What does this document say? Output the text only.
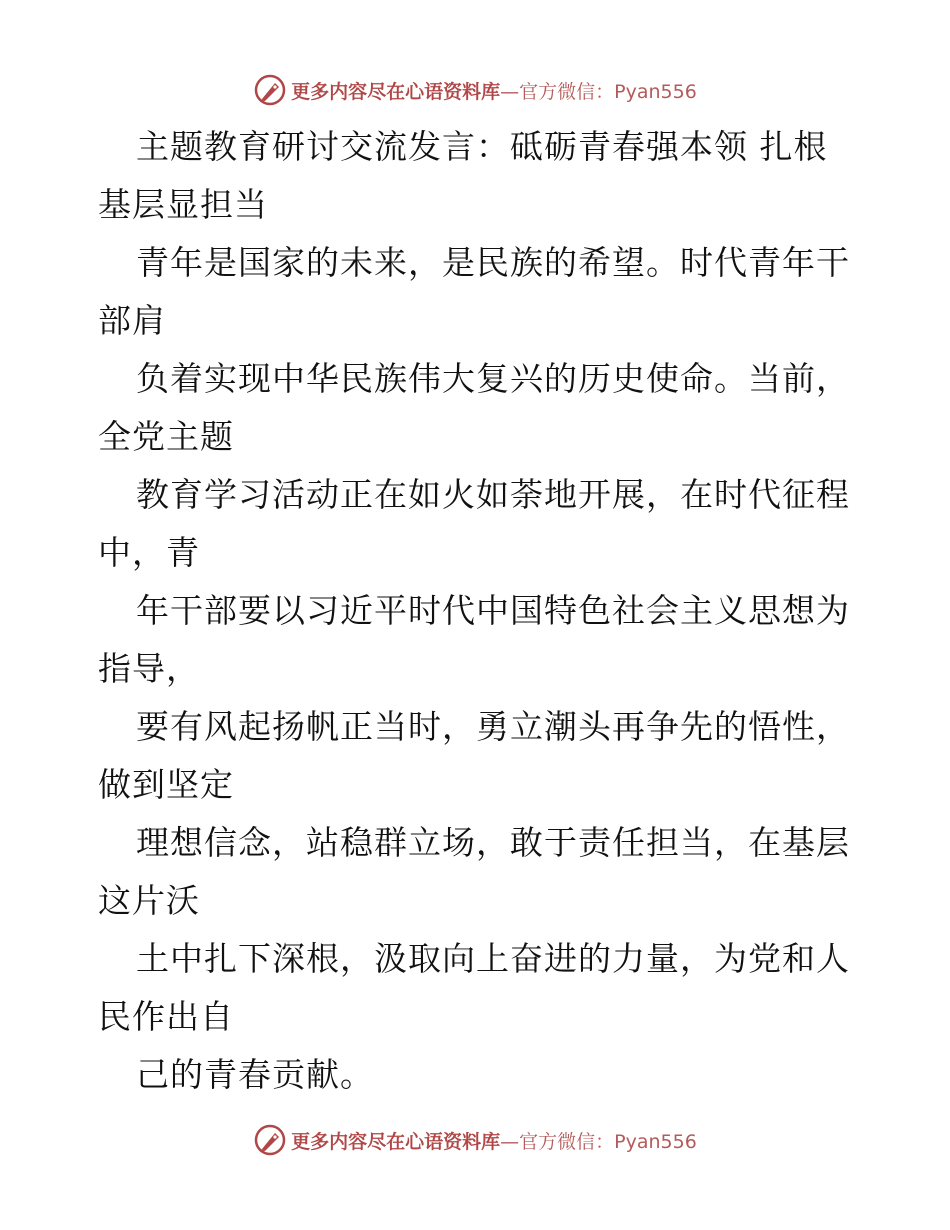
更多内容尽在心语资料库—官方微信：Pyan556
主题教育研讨交流发言：砥砺青春强本领 扎根
基层显担当
青年是国家的未来，是民族的希望。时代青年干
部肩
负着实现中华民族伟大复兴的历史使命。当前，
全党主题
教育学习活动正在如火如荼地开展，在时代征程
中，青
年干部要以习近平时代中国特色社会主义思想为
指导，
要有风起扬帆正当时，勇立潮头再争先的悟性，
做到坚定
理想信念，站稳群立场，敢于责任担当，在基层
这片沃
土中扎下深根，汲取向上奋进的力量，为党和人
民作出自
己的青春贡献。
更多内容尽在心语资料库—官方微信：Pyan556
